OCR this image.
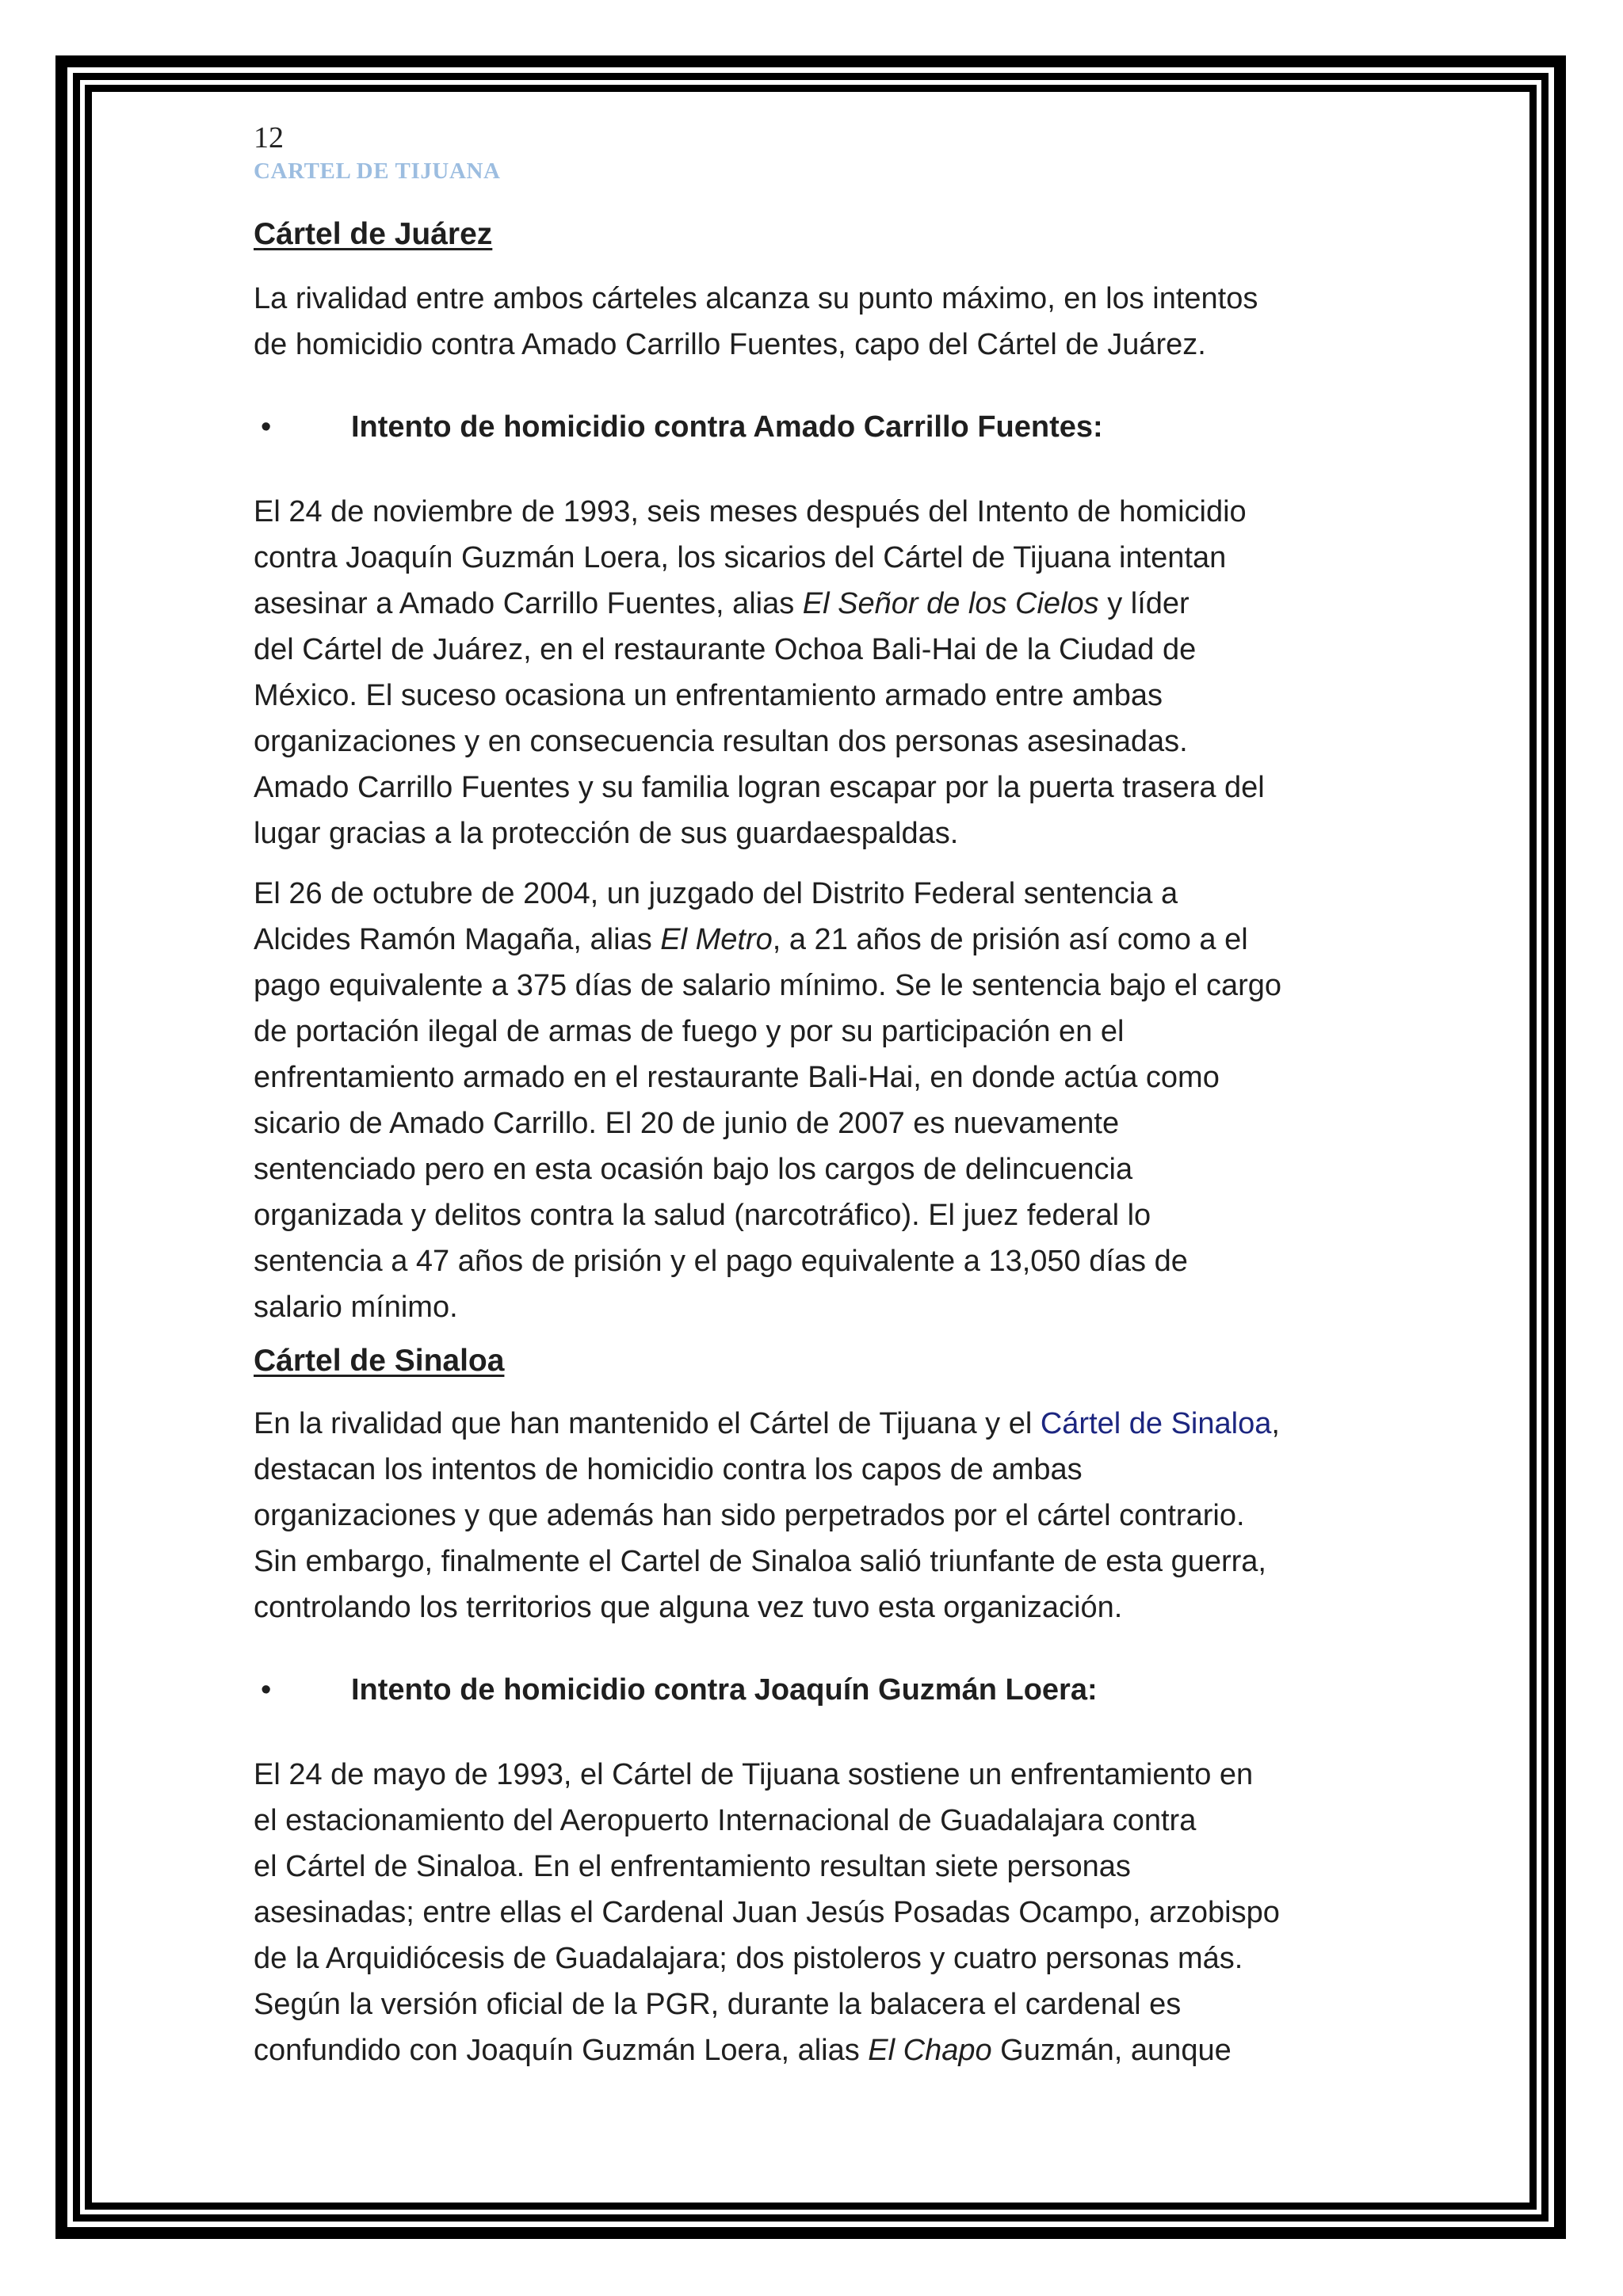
12
CARTEL DE TIJUANA
Cártel de Juárez
La rivalidad entre ambos cárteles alcanza su punto máximo, en los intentos
de homicidio contra Amado Carrillo Fuentes, capo del Cártel de Juárez.
•	Intento de homicidio contra Amado Carrillo Fuentes:
El 24 de noviembre de 1993, seis meses después del Intento de homicidio
contra Joaquín Guzmán Loera, los sicarios del Cártel de Tijuana intentan
asesinar a Amado Carrillo Fuentes, alias El Señor de los Cielos y líder
del Cártel de Juárez, en el restaurante Ochoa Bali-Hai de la Ciudad de
México. El suceso ocasiona un enfrentamiento armado entre ambas
organizaciones y en consecuencia resultan dos personas asesinadas.
Amado Carrillo Fuentes y su familia logran escapar por la puerta trasera del
lugar gracias a la protección de sus guardaespaldas.
El 26 de octubre de 2004, un juzgado del Distrito Federal sentencia a
Alcides Ramón Magaña, alias El Metro, a 21 años de prisión así como a el
pago equivalente a 375 días de salario mínimo. Se le sentencia bajo el cargo
de portación ilegal de armas de fuego y por su participación en el
enfrentamiento armado en el restaurante Bali-Hai, en donde actúa como
sicario de Amado Carrillo. El 20 de junio de 2007 es nuevamente
sentenciado pero en esta ocasión bajo los cargos de delincuencia
organizada y delitos contra la salud (narcotráfico). El juez federal lo
sentencia a 47 años de prisión y el pago equivalente a 13,050 días de
salario mínimo.
Cártel de Sinaloa
En la rivalidad que han mantenido el Cártel de Tijuana y el Cártel de Sinaloa,
destacan los intentos de homicidio contra los capos de ambas
organizaciones y que además han sido perpetrados por el cártel contrario.
Sin embargo, finalmente el Cartel de Sinaloa salió triunfante de esta guerra,
controlando los territorios que alguna vez tuvo esta organización.
•	Intento de homicidio contra Joaquín Guzmán Loera:
El 24 de mayo de 1993, el Cártel de Tijuana sostiene un enfrentamiento en
el estacionamiento del Aeropuerto Internacional de Guadalajara contra
el Cártel de Sinaloa. En el enfrentamiento resultan siete personas
asesinadas; entre ellas el Cardenal Juan Jesús Posadas Ocampo, arzobispo
de la Arquidiócesis de Guadalajara; dos pistoleros y cuatro personas más.
Según la versión oficial de la PGR, durante la balacera el cardenal es
confundido con Joaquín Guzmán Loera, alias El Chapo Guzmán, aunque
